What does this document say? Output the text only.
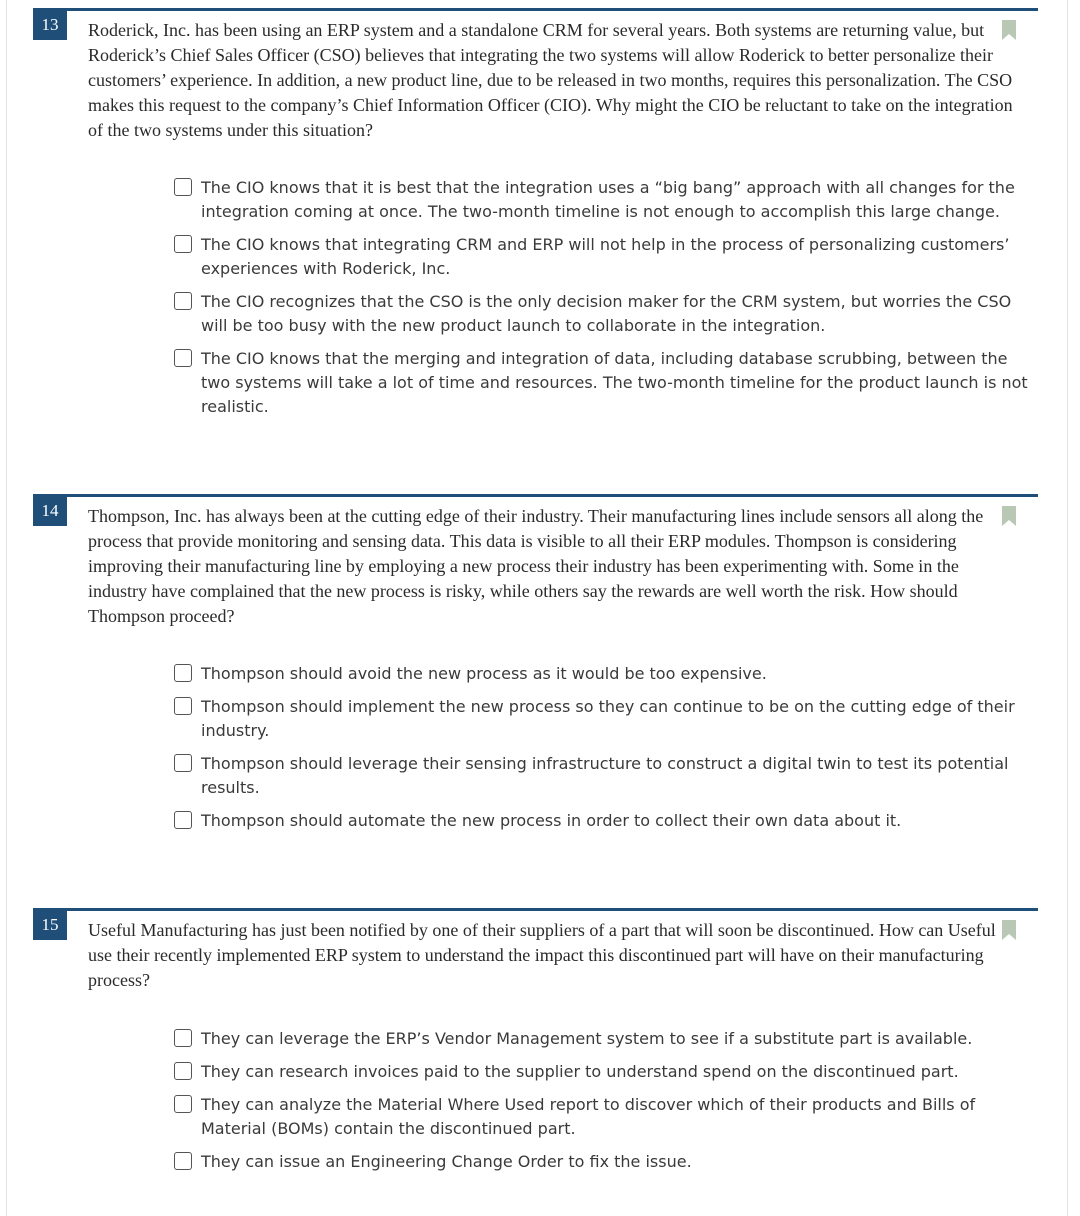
13	Roderick, Inc. has been using an ERP system and a standalone CRM for several years. Both systems are returning value, but Roderick’s Chief Sales Officer (CSO) believes that integrating the two systems will allow Roderick to better personalize their customers’ experience. In addition, a new product line, due to be released in two months, requires this personalization. The CSO makes this request to the company’s Chief Information Officer (CIO). Why might the CIO be reluctant to take on the integration of the two systems under this situation?

The CIO knows that it is best that the integration uses a “big bang” approach with all changes for the integration coming at once. The two-month timeline is not enough to accomplish this large change.
The CIO knows that integrating CRM and ERP will not help in the process of personalizing customers’ experiences with Roderick, Inc.
The CIO recognizes that the CSO is the only decision maker for the CRM system, but worries the CSO will be too busy with the new product launch to collaborate in the integration.
The CIO knows that the merging and integration of data, including database scrubbing, between the two systems will take a lot of time and resources. The two-month timeline for the product launch is not realistic.
14	Thompson, Inc. has always been at the cutting edge of their industry. Their manufacturing lines include sensors all along the process that provide monitoring and sensing data. This data is visible to all their ERP modules. Thompson is considering improving their manufacturing line by employing a new process their industry has been experimenting with. Some in the industry have complained that the new process is risky, while others say the rewards are well worth the risk. How should Thompson proceed?

Thompson should avoid the new process as it would be too expensive.
Thompson should implement the new process so they can continue to be on the cutting edge of their industry.
Thompson should leverage their sensing infrastructure to construct a digital twin to test its potential results.
Thompson should automate the new process in order to collect their own data about it.
15	Useful Manufacturing has just been notified by one of their suppliers of a part that will soon be discontinued. How can Useful use their recently implemented ERP system to understand the impact this discontinued part will have on their manufacturing process?

They can leverage the ERP’s Vendor Management system to see if a substitute part is available.
They can research invoices paid to the supplier to understand spend on the discontinued part.
They can analyze the Material Where Used report to discover which of their products and Bills of Material (BOMs) contain the discontinued part.
They can issue an Engineering Change Order to fix the issue.
